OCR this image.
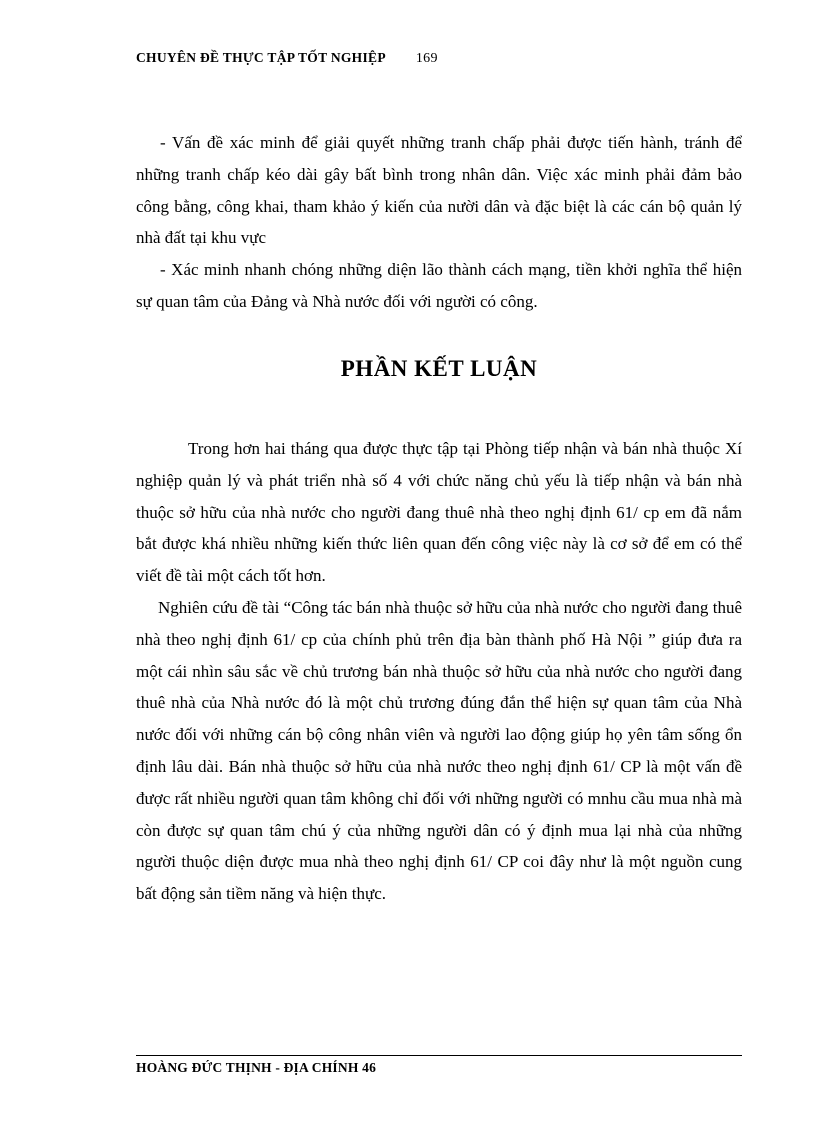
CHUYÊN ĐỀ THỰC TẬP TỐT NGHIỆP 169

- Vấn đề xác minh để giải quyết những tranh chấp phải được tiến hành, tránh để những tranh chấp kéo dài gây bất bình trong nhân dân. Việc xác minh phải đảm bảo công bằng, công khai, tham khảo ý kiến của nười dân và đặc biệt là các cán bộ quản lý nhà đất tại khu vực

- Xác minh nhanh chóng những diện lão thành cách mạng, tiền khởi nghĩa thể hiện sự quan tâm của Đảng và Nhà nước đối với người có công.

PHẦN KẾT LUẬN

Trong hơn hai tháng qua được thực tập tại Phòng tiếp nhận và bán nhà thuộc Xí nghiệp quản lý và phát triển nhà số 4 với chức năng chủ yếu là tiếp nhận và bán nhà thuộc sở hữu của nhà nước cho người đang thuê nhà theo nghị định 61/ cp em đã nắm bắt được khá nhiều những kiến thức liên quan đến công việc này là cơ sở để em có thể viết đề tài một cách tốt hơn.

Nghiên cứu đề tài “Công tác bán nhà thuộc sở hữu của nhà nước cho người đang thuê nhà theo nghị định 61/ cp của chính phủ trên địa bàn thành phố Hà Nội ” giúp đưa ra một cái nhìn sâu sắc về chủ trương bán nhà thuộc sở hữu của nhà nước cho người đang thuê nhà của Nhà nước đó là một chủ trương đúng đắn thể hiện sự quan tâm của Nhà nước đối với những cán bộ công nhân viên và người lao động giúp họ yên tâm sống ổn định lâu dài. Bán nhà thuộc sở hữu của nhà nước theo nghị định 61/ CP là một vấn đề được rất nhiều người quan tâm không chỉ đối với những người có mnhu cầu mua nhà mà còn được sự quan tâm chú ý của những người dân có ý định mua lại nhà của những người thuộc diện được mua nhà theo nghị định 61/ CP coi đây như là một nguồn cung bất động sản tiềm năng và hiện thực.

HOÀNG ĐỨC THỊNH - ĐỊA CHÍNH 46
